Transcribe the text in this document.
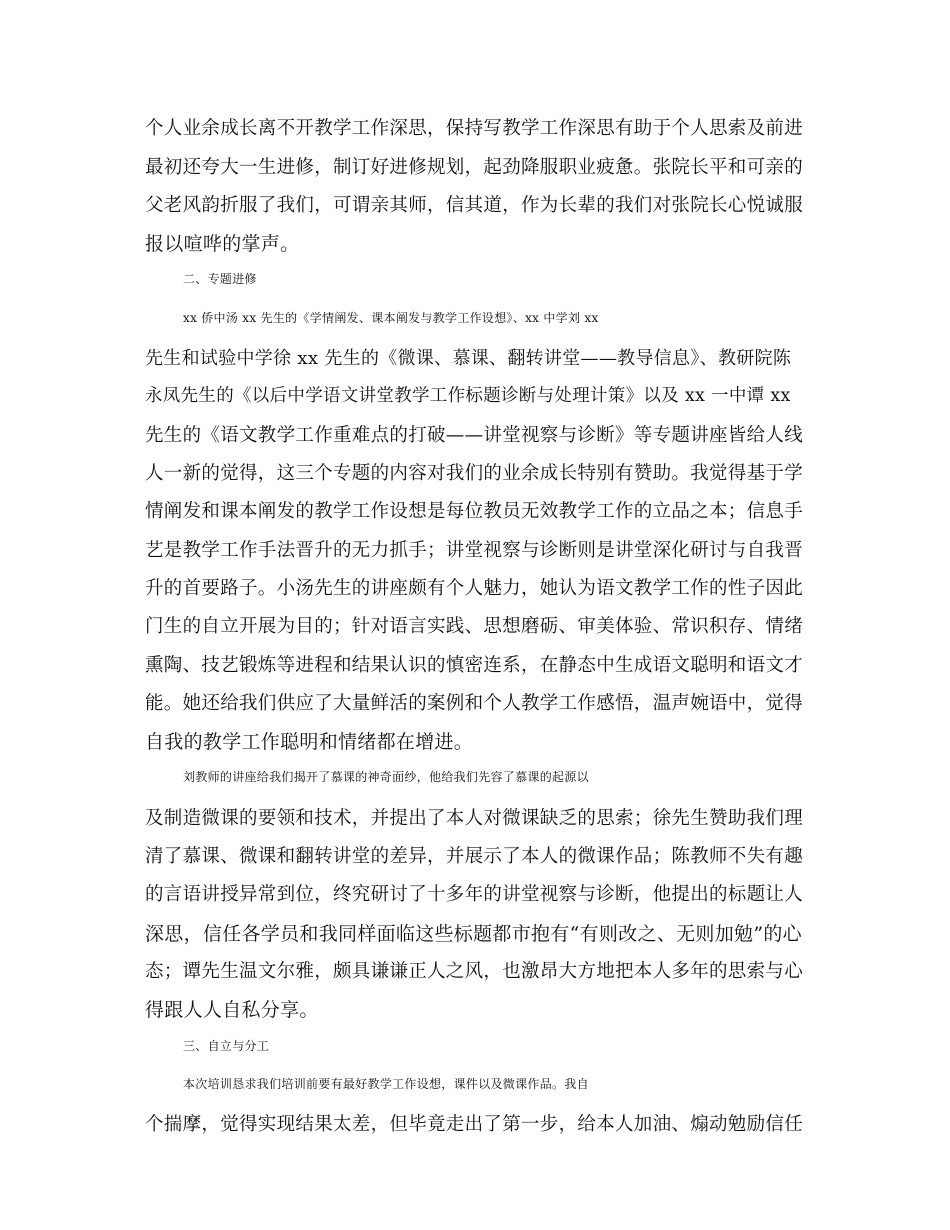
个人业余成长离不开教学工作深思，保持写教学工作深思有助于个人思索及前进
最初还夸大一生进修，制订好进修规划，起劲降服职业疲惫。张院长平和可亲的
父老风韵折服了我们，可谓亲其师，信其道，作为长辈的我们对张院长心悦诚服
报以喧哗的掌声。
二、专题进修
xx 侨中汤 xx 先生的《学情阐发、课本阐发与教学工作设想》、xx 中学刘 xx
先生和试验中学徐 xx 先生的《微课、慕课、翻转讲堂——教导信息》、教研院陈
永凤先生的《以后中学语文讲堂教学工作标题诊断与处理计策》以及 xx 一中谭 xx
先生的《语文教学工作重难点的打破——讲堂视察与诊断》等专题讲座皆给人线
人一新的觉得，这三个专题的内容对我们的业余成长特别有赞助。我觉得基于学
情阐发和课本阐发的教学工作设想是每位教员无效教学工作的立品之本；信息手
艺是教学工作手法晋升的无力抓手；讲堂视察与诊断则是讲堂深化研讨与自我晋
升的首要路子。小汤先生的讲座颇有个人魅力，她认为语文教学工作的性子因此
门生的自立开展为目的；针对语言实践、思想磨砺、审美体验、常识积存、情绪
熏陶、技艺锻炼等进程和结果认识的慎密连系，在静态中生成语文聪明和语文才
能。她还给我们供应了大量鲜活的案例和个人教学工作感悟，温声婉语中，觉得
自我的教学工作聪明和情绪都在增进。
刘教师的讲座给我们揭开了慕课的神奇面纱，他给我们先容了慕课的起源以
及制造微课的要领和技术，并提出了本人对微课缺乏的思索；徐先生赞助我们理
清了慕课、微课和翻转讲堂的差异，并展示了本人的微课作品；陈教师不失有趣
的言语讲授异常到位，终究研讨了十多年的讲堂视察与诊断，他提出的标题让人
深思，信任各学员和我同样面临这些标题都市抱有“有则改之、无则加勉”的心
态；谭先生温文尔雅，颇具谦谦正人之风，也激昂大方地把本人多年的思索与心
得跟人人自私分享。
三、自立与分工
本次培训恳求我们培训前要有最好教学工作设想，课件以及微课作品。我自
个揣摩，觉得实现结果太差，但毕竟走出了第一步，给本人加油、煽动勉励信任
